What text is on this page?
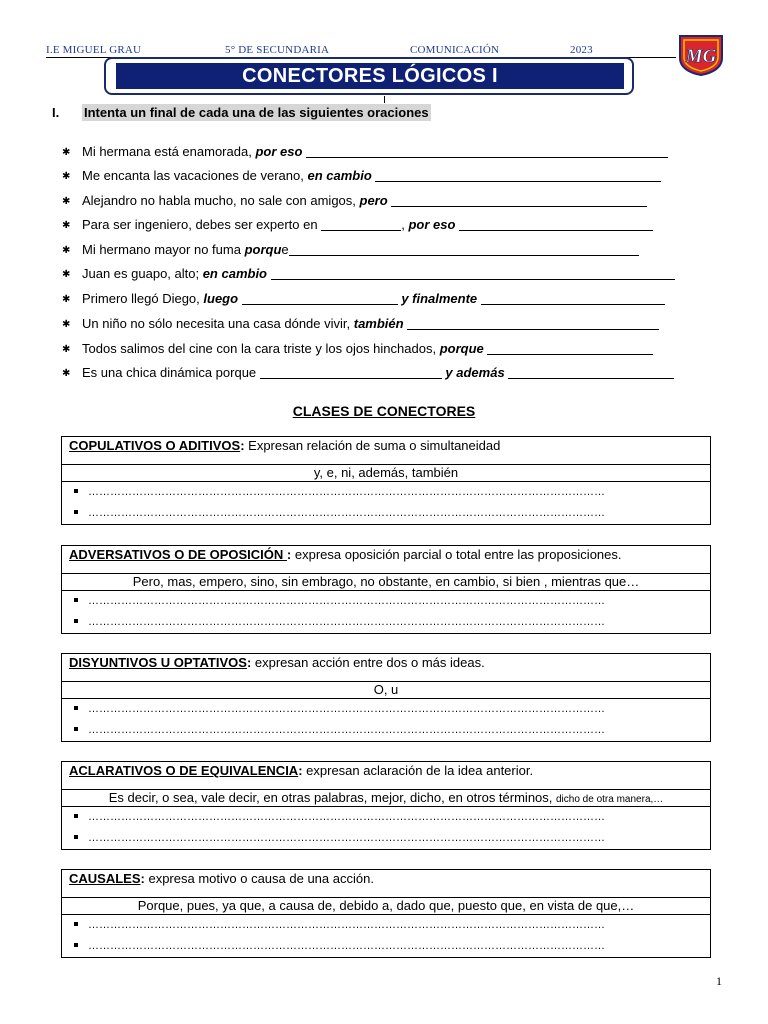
I.E MIGUEL GRAU	5° DE SECUNDARIA	COMUNICACIÓN	2023	MG
CONECTORES LÓGICOS I
I. Intenta un final de cada una de las siguientes oraciones
✱ Mi hermana está enamorada, por eso
✱ Me encanta las vacaciones de verano, en cambio
✱ Alejandro no habla mucho, no sale con amigos, pero
✱ Para ser ingeniero, debes ser experto en	, por eso
✱ Mi hermano mayor no fuma porque
✱ Juan es guapo, alto; en cambio
✱ Primero llegó Diego, luego	y finalmente
✱ Un niño no sólo necesita una casa dónde vivir, también
✱ Todos salimos del cine con la cara triste y los ojos hinchados, porque
✱ Es una chica dinámica porque	y además
CLASES DE CONECTORES
COPULATIVOS O ADITIVOS: Expresan relación de suma o simultaneidad
y, e, ni, además, también
……………………………………………………………………………………………………………………………
……………………………………………………………………………………………………………………………
ADVERSATIVOS O DE OPOSICIÓN : expresa oposición parcial o total entre las proposiciones.
Pero, mas, empero, sino, sin embrago, no obstante, en cambio, si bien , mientras que…
……………………………………………………………………………………………………………………………
……………………………………………………………………………………………………………………………
DISYUNTIVOS U OPTATIVOS: expresan acción entre dos o más ideas.
O, u
……………………………………………………………………………………………………………………………
……………………………………………………………………………………………………………………………
ACLARATIVOS O DE EQUIVALENCIA: expresan aclaración de la idea anterior.
Es decir, o sea, vale decir, en otras palabras, mejor, dicho, en otros términos, dicho de otra manera,…
……………………………………………………………………………………………………………………………
……………………………………………………………………………………………………………………………
CAUSALES: expresa motivo o causa de una acción.
Porque, pues, ya que, a causa de, debido a, dado que, puesto que, en vista de que,…
……………………………………………………………………………………………………………………………
……………………………………………………………………………………………………………………………
1
